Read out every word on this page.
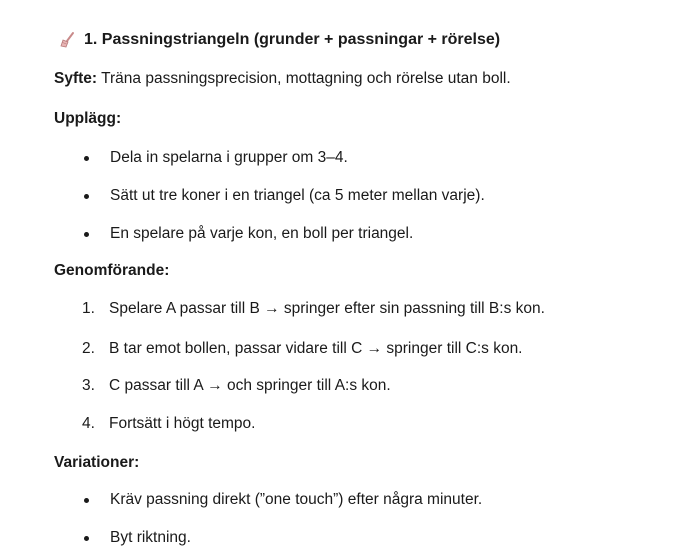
1. Passningstriangeln (grunder + passningar + rörelse)
Syfte: Träna passningsprecision, mottagning och rörelse utan boll.
Upplägg:
Dela in spelarna i grupper om 3–4.
Sätt ut tre koner i en triangel (ca 5 meter mellan varje).
En spelare på varje kon, en boll per triangel.
Genomförande:
1. Spelare A passar till B → springer efter sin passning till B:s kon.
2. B tar emot bollen, passar vidare till C → springer till C:s kon.
3. C passar till A → och springer till A:s kon.
4. Fortsätt i högt tempo.
Variationer:
Kräv passning direkt (”one touch”) efter några minuter.
Byt riktning.
